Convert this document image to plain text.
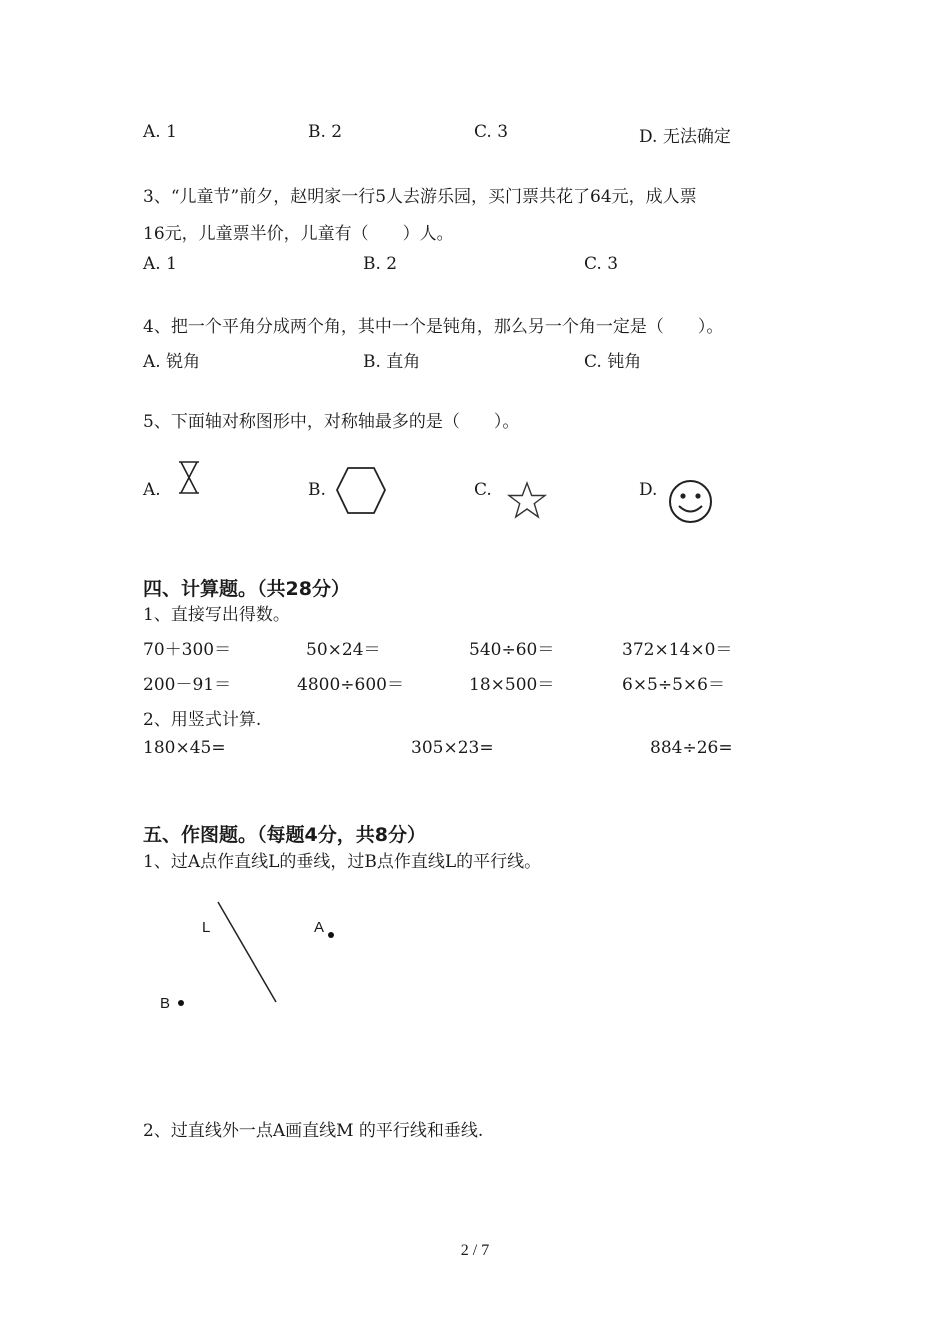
A. 1	B. 2	C. 3	D. 无法确定
3、“儿童节”前夕，赵明家一行5人去游乐园，买门票共花了64元，成人票
16元，儿童票半价，儿童有（　　）人。
A. 1	B. 2	C. 3
4、把一个平角分成两个角，其中一个是钝角，那么另一个角一定是（　　）。
A. 锐角	B. 直角	C. 钝角
5、下面轴对称图形中，对称轴最多的是（　　）。
A.	B.	C.	D.
四、计算题。（共28分）
1、直接写出得数。
70＋300＝	50×24＝	540÷60＝	372×14×0＝
200－91＝	4800÷600＝	18×500＝	6×5÷5×6＝
2、用竖式计算.
180×45=	305×23=	884÷26=
五、作图题。（每题4分，共8分）
1、过A点作直线L的垂线，过B点作直线L的平行线。
L	A
B
2、过直线外一点A画直线M 的平行线和垂线.
2 / 7
